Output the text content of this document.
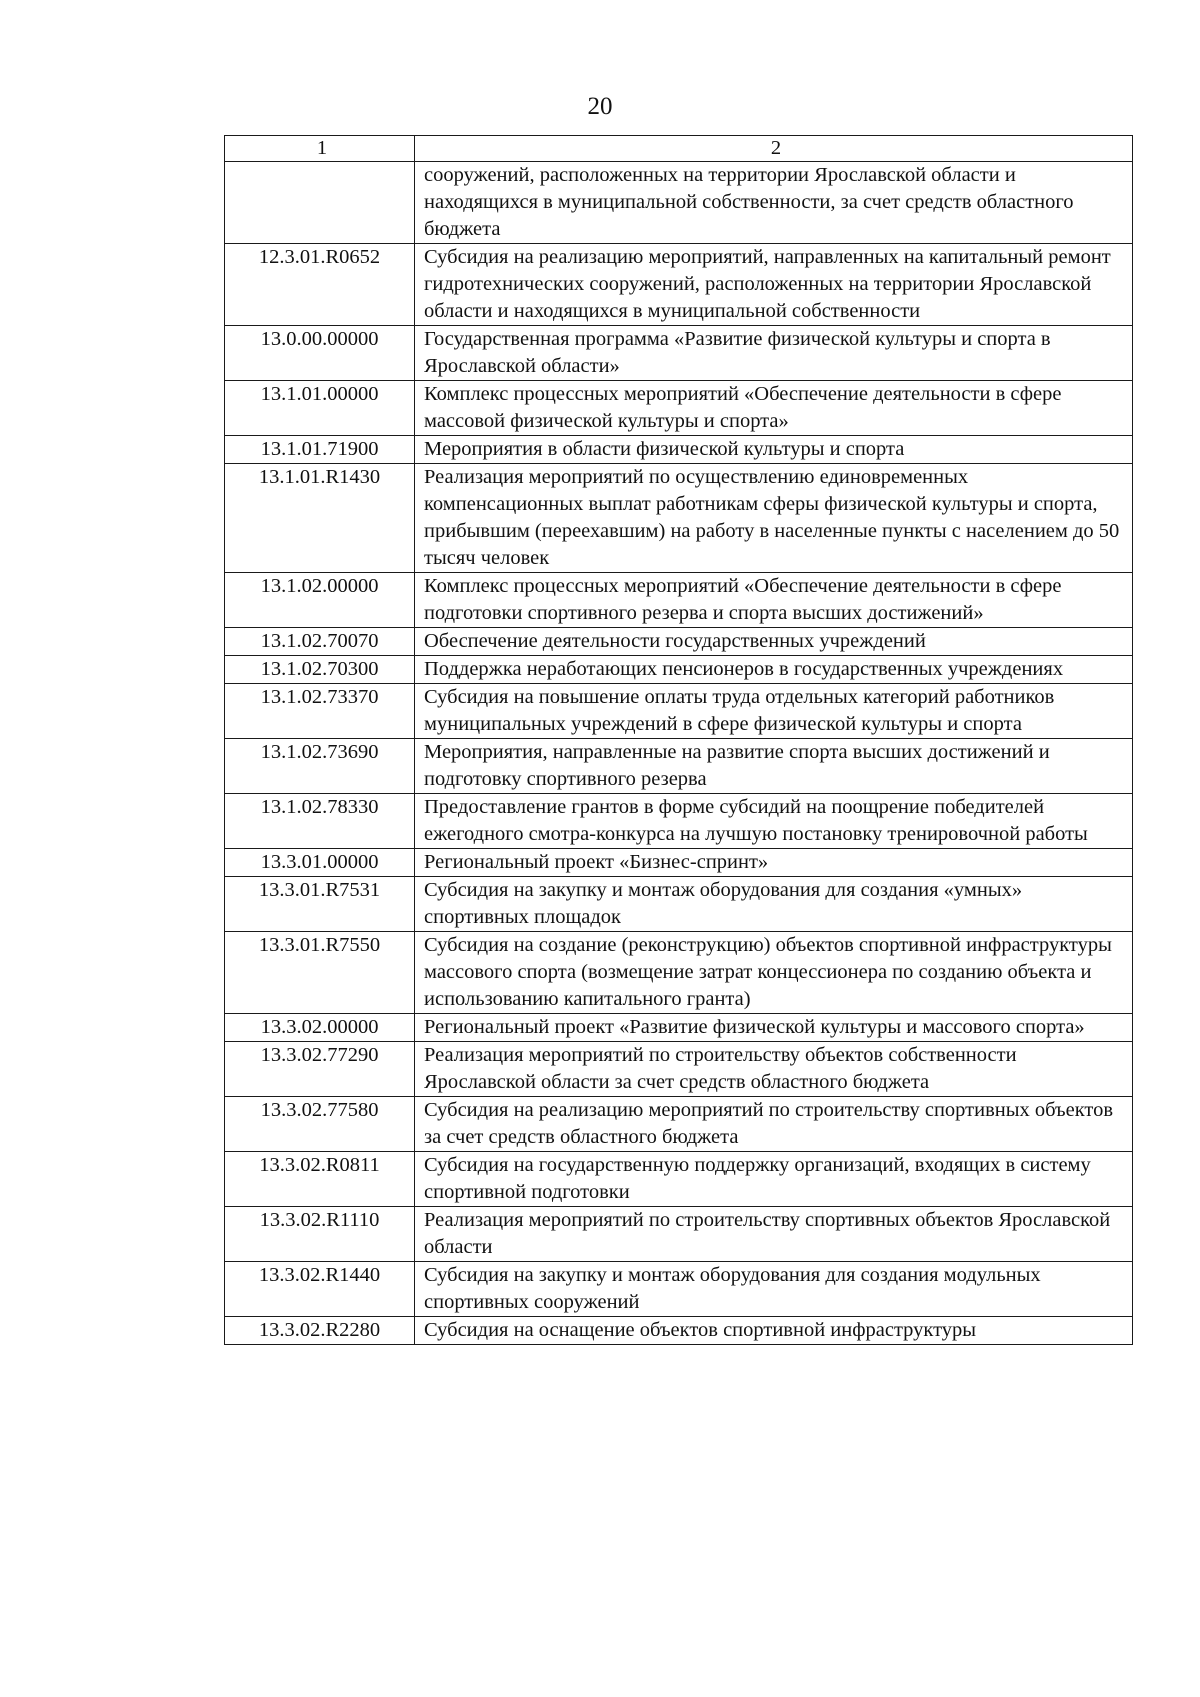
20
1	2
	сооружений, расположенных на территории Ярославской области и находящихся в муниципальной собственности, за счет средств областного бюджета
12.3.01.R0652	Субсидия на реализацию мероприятий, направленных на капитальный ремонт гидротехнических сооружений, расположенных на территории Ярославской области и находящихся в муниципальной собственности
13.0.00.00000	Государственная программа «Развитие физической культуры и спорта в Ярославской области»
13.1.01.00000	Комплекс процессных мероприятий «Обеспечение деятельности в сфере массовой физической культуры и спорта»
13.1.01.71900	Мероприятия в области физической культуры и спорта
13.1.01.R1430	Реализация мероприятий по осуществлению единовременных компенсационных выплат работникам сферы физической культуры и спорта, прибывшим (переехавшим) на работу в населенные пункты с населением до 50 тысяч человек
13.1.02.00000	Комплекс процессных мероприятий «Обеспечение деятельности в сфере подготовки спортивного резерва и спорта высших достижений»
13.1.02.70070	Обеспечение деятельности государственных учреждений
13.1.02.70300	Поддержка неработающих пенсионеров в государственных учреждениях
13.1.02.73370	Субсидия на повышение оплаты труда отдельных категорий работников муниципальных учреждений в сфере физической культуры и спорта
13.1.02.73690	Мероприятия, направленные на развитие спорта высших достижений и подготовку спортивного резерва
13.1.02.78330	Предоставление грантов в форме субсидий на поощрение победителей ежегодного смотра-конкурса на лучшую постановку тренировочной работы
13.3.01.00000	Региональный проект «Бизнес-спринт»
13.3.01.R7531	Субсидия на закупку и монтаж оборудования для создания «умных» спортивных площадок
13.3.01.R7550	Субсидия на создание (реконструкцию) объектов спортивной инфраструктуры массового спорта (возмещение затрат концессионера по созданию объекта и использованию капитального гранта)
13.3.02.00000	Региональный проект «Развитие физической культуры и массового спорта»
13.3.02.77290	Реализация мероприятий по строительству объектов собственности Ярославской области за счет средств областного бюджета
13.3.02.77580	Субсидия на реализацию мероприятий по строительству спортивных объектов за счет средств областного бюджета
13.3.02.R0811	Субсидия на государственную поддержку организаций, входящих в систему спортивной подготовки
13.3.02.R1110	Реализация мероприятий по строительству спортивных объектов Ярославской области
13.3.02.R1440	Субсидия на закупку и монтаж оборудования для создания модульных спортивных сооружений
13.3.02.R2280	Субсидия на оснащение объектов спортивной инфраструктуры
